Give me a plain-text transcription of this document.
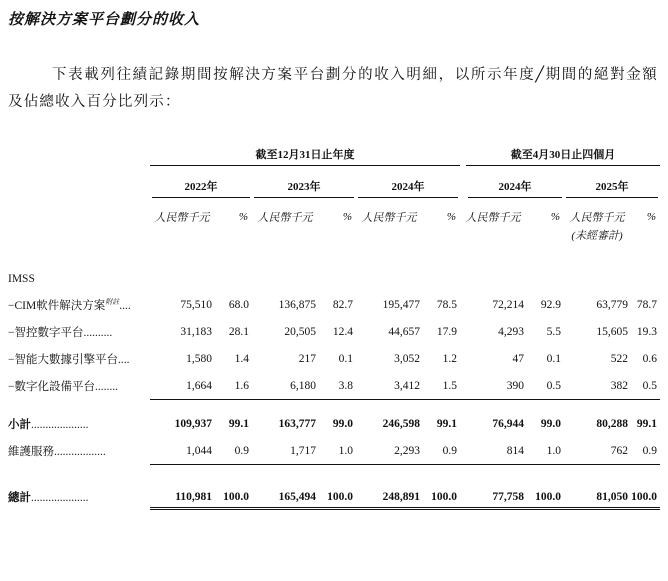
按解決方案平台劃分的收入
下表載列往績記錄期間按解決方案平台劃分的收入明細，以所示年度╱期間的絕對金額及佔總收入百分比列示：

	截至12月31日止年度						截至4月30日止四個月			

	2022年		2023年		2024年		2024年		2025年	

	人民幣千元	%	人民幣千元	%	人民幣千元	%	人民幣千元	%	人民幣千元	%
									(未經審計)	
IMSS										
−CIM軟件解決方案$^{附註}$....	75,510	68.0	136,875	82.7	195,477	78.5	72,214	92.9	63,779	78.7
−智控數字平台..........	31,183	28.1	20,505	12.4	44,657	17.9	4,293	5.5	15,605	19.3
−智能大數據引擎平台....	1,580	1.4	217	0.1	3,052	1.2	47	0.1	522	0.6
−數字化設備平台........	1,664	1.6	6,180	3.8	3,412	1.5	390	0.5	382	0.5

小計....................	109,937	99.1	163,777	99.0	246,598	99.1	76,944	99.0	80,288	99.1
維護服務..................	1,044	0.9	1,717	1.0	2,293	0.9	814	1.0	762	0.9
總計....................	110,981	100.0	165,494	100.0	248,891	100.0	77,758	100.0	81,050	100.0
